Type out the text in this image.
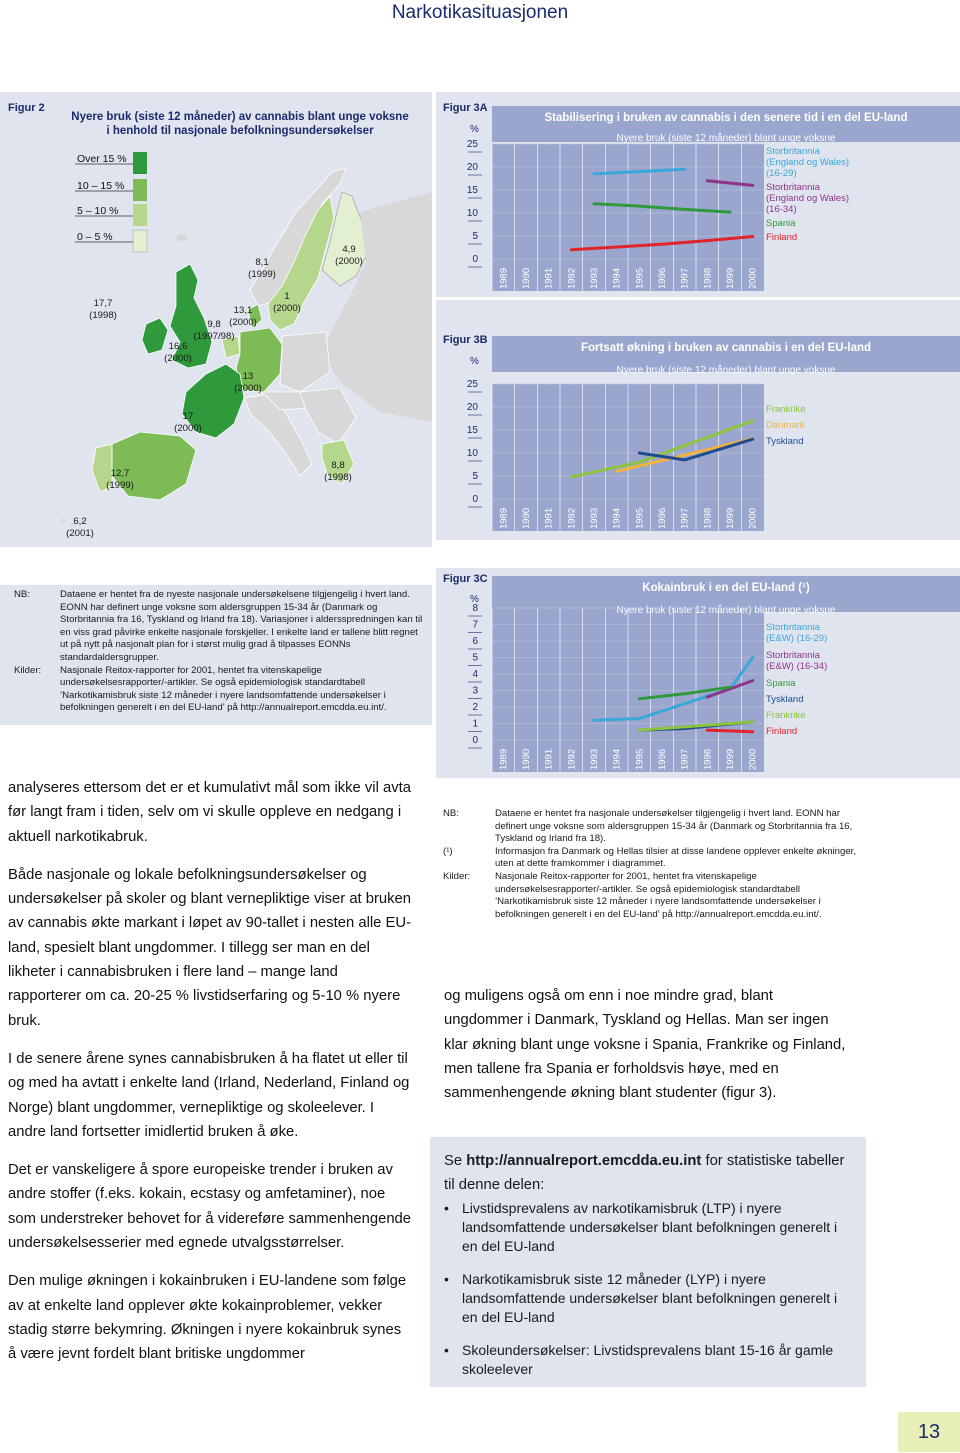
Narkotikasituasjonen
Figur 2
Nyere bruk (siste 12 måneder) av cannabis blant unge voksne
i henhold til nasjonale befolkningsundersøkelser
Over 15 %
10 – 15 %
5 – 10 %
0 – 5 %
17,7
(1998)
16,6
(2000)
9,8
(1997/98)
13,1
(2000)
8,1
(1999)
1
(2000)
4,9
(2000)
13
(2000)
17
(2000)
12,7
(1999)
8,8
(1998)
6,2
(2001)
NB:	Dataene er hentet fra de nyeste nasjonale undersøkelsene tilgjengelig i hvert land. EONN har definert unge voksne som aldersgruppen 15-34 år (Danmark og Storbritannia fra 16, Tyskland og Irland fra 18). Variasjoner i aldersspredningen kan til en viss grad påvirke enkelte nasjonale forskjeller. I enkelte land er tallene blitt regnet ut på nytt på nasjonalt plan for i størst mulig grad å tilpasses EONNs standardaldersgrupper.
Kilder:	Nasjonale Reitox-rapporter for 2001, hentet fra vitenskapelige undersøkelsesrapporter/-artikler. Se også epidemiologisk standardtabell ’Narkotikamisbruk siste 12 måneder i nyere landsomfattende undersøkelser i befolkningen generelt i en del EU-land’ på http://annualreport.emcdda.eu.int/.
Figur 3A
Stabilisering i bruken av cannabis i den senere tid i en del EU-land
Nyere bruk (siste 12 måneder) blant unge voksne
%
25
20
15
10
5
0
1989 1990 1991 1992 1993 1994 1995 1996 1997 1998 1999 2000
Storbritannia (England og Wales) (16-29)
Storbritannia (England og Wales) (16-34)
Spania
Finland
Figur 3B
Fortsatt økning i bruken av cannabis i en del EU-land
Nyere bruk (siste 12 måneder) blant unge voksne
%
25
20
15
10
5
0
1989 1990 1991 1992 1993 1994 1995 1996 1997 1998 1999 2000
Frankrike
Danmark
Tyskland
Figur 3C
Kokainbruk i en del EU-land (¹)
Nyere bruk (siste 12 måneder) blant unge voksne
%
8
7
6
5
4
3
2
1
0
1989 1990 1991 1992 1993 1994 1995 1996 1997 1998 1999 2000
Storbritannia (E&W) (16-29)
Storbritannia (E&W) (16-34)
Spania
Tyskland
Frankrike
Finland
NB:	Dataene er hentet fra nasjonale undersøkelser tilgjengelig i hvert land. EONN har definert unge voksne som aldersgruppen 15-34 år (Danmark og Storbritannia fra 16, Tyskland og Irland fra 18).
(¹)	Informasjon fra Danmark og Hellas tilsier at disse landene opplever enkelte økninger, uten at dette framkommer i diagrammet.
Kilder:	Nasjonale Reitox-rapporter for 2001, hentet fra vitenskapelige undersøkelsesrapporter/-artikler. Se også epidemiologisk standardtabell ’Narkotikamisbruk siste 12 måneder i nyere landsomfattende undersøkelser i befolkningen generelt i en del EU-land’ på http://annualreport.emcdda.eu.int/.

analyseres ettersom det er et kumulativt mål som ikke vil avta før langt fram i tiden, selv om vi skulle oppleve en nedgang i aktuell narkotikabruk.

Både nasjonale og lokale befolkningsundersøkelser og undersøkelser på skoler og blant vernepliktige viser at bruken av cannabis økte markant i løpet av 90-tallet i nesten alle EU-land, spesielt blant ungdommer. I tillegg ser man en del likheter i cannabisbruken i flere land – mange land rapporterer om ca. 20-25 % livstidserfaring og 5-10 % nyere bruk.

I de senere årene synes cannabisbruken å ha flatet ut eller til og med ha avtatt i enkelte land (Irland, Nederland, Finland og Norge) blant ungdommer, vernepliktige og skoleelever. I andre land fortsetter imidlertid bruken å øke.

Det er vanskeligere å spore europeiske trender i bruken av andre stoffer (f.eks. kokain, ecstasy og amfetaminer), noe som understreker behovet for å videreføre sammenhengende undersøkelsesserier med egnede utvalgsstørrelser.

Den mulige økningen i kokainbruken i EU-landene som følge av at enkelte land opplever økte kokainproblemer, vekker stadig større bekymring. Økningen i nyere kokainbruk synes å være jevnt fordelt blant britiske ungdommer

og muligens også om enn i noe mindre grad, blant ungdommer i Danmark, Tyskland og Hellas. Man ser ingen klar økning blant unge voksne i Spania, Frankrike og Finland, men tallene fra Spania er forholdsvis høye, med en sammenhengende økning blant studenter (figur 3).

Se http://annualreport.emcdda.eu.int for statistiske tabeller til denne delen:
• Livstidsprevalens av narkotikamisbruk (LTP) i nyere landsomfattende undersøkelser blant befolkningen generelt i en del EU-land
• Narkotikamisbruk siste 12 måneder (LYP) i nyere landsomfattende undersøkelser blant befolkningen generelt i en del EU-land
• Skoleundersøkelser: Livstidsprevalens blant 15-16 år gamle skoleelever
13
